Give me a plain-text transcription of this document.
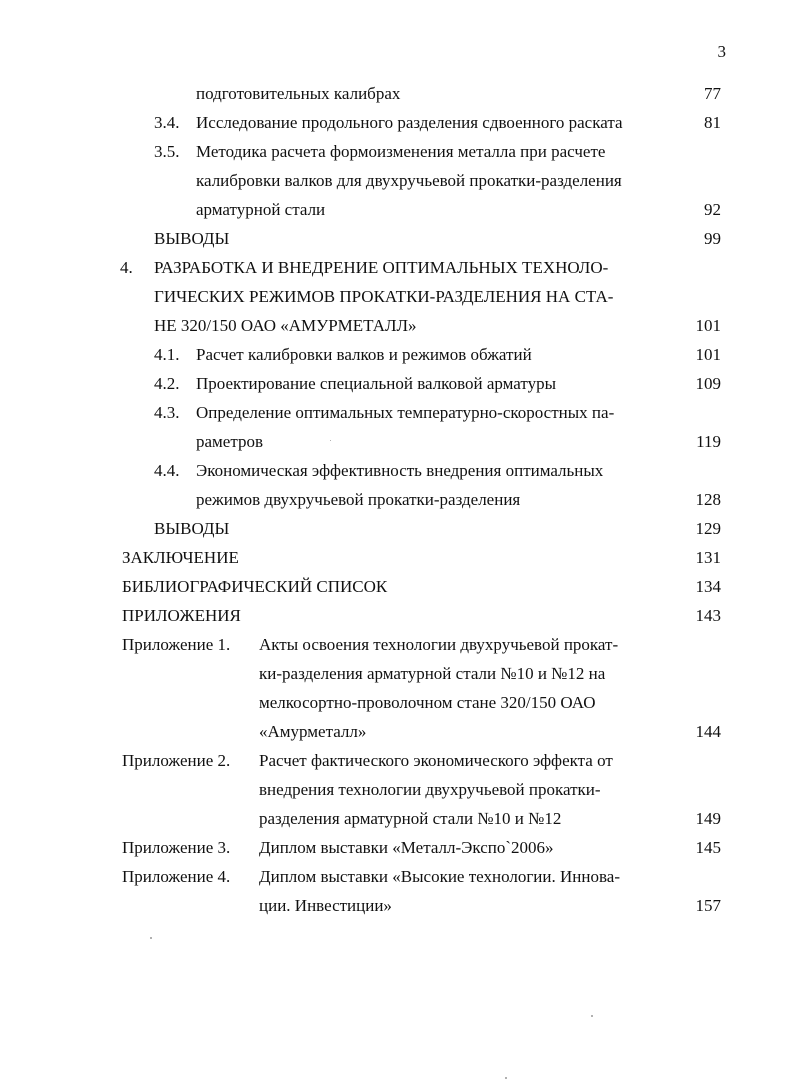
3
подготовительных калибрах	77
3.4. Исследование продольного разделения сдвоенного раската	81
3.5. Методика расчета формоизменения металла при расчете
калибровки валков для двухручьевой прокатки-разделения
арматурной стали	92
ВЫВОДЫ	99
4. РАЗРАБОТКА И ВНЕДРЕНИЕ ОПТИМАЛЬНЫХ ТЕХНОЛО-
ГИЧЕСКИХ РЕЖИМОВ ПРОКАТКИ-РАЗДЕЛЕНИЯ НА СТА-
НЕ 320/150 ОАО «АМУРМЕТАЛЛ»	101
4.1. Расчет калибровки валков и режимов обжатий	101
4.2. Проектирование специальной валковой арматуры	109
4.3. Определение оптимальных температурно-скоростных па-
раметров	119
4.4. Экономическая эффективность внедрения оптимальных
режимов двухручьевой прокатки-разделения	128
ВЫВОДЫ	129
ЗАКЛЮЧЕНИЕ	131
БИБЛИОГРАФИЧЕСКИЙ СПИСОК	134
ПРИЛОЖЕНИЯ	143
Приложение 1. Акты освоения технологии двухручьевой прокат-
ки-разделения арматурной стали №10 и №12 на
мелкосортно-проволочном стане 320/150 ОАО
«Амурметалл»	144
Приложение 2. Расчет фактического экономического эффекта от
внедрения технологии двухручьевой прокатки-
разделения арматурной стали №10 и №12	149
Приложение 3. Диплом выставки «Металл-Экспо`2006»	145
Приложение 4. Диплом выставки «Высокие технологии. Иннова-
ции. Инвестиции»	157
